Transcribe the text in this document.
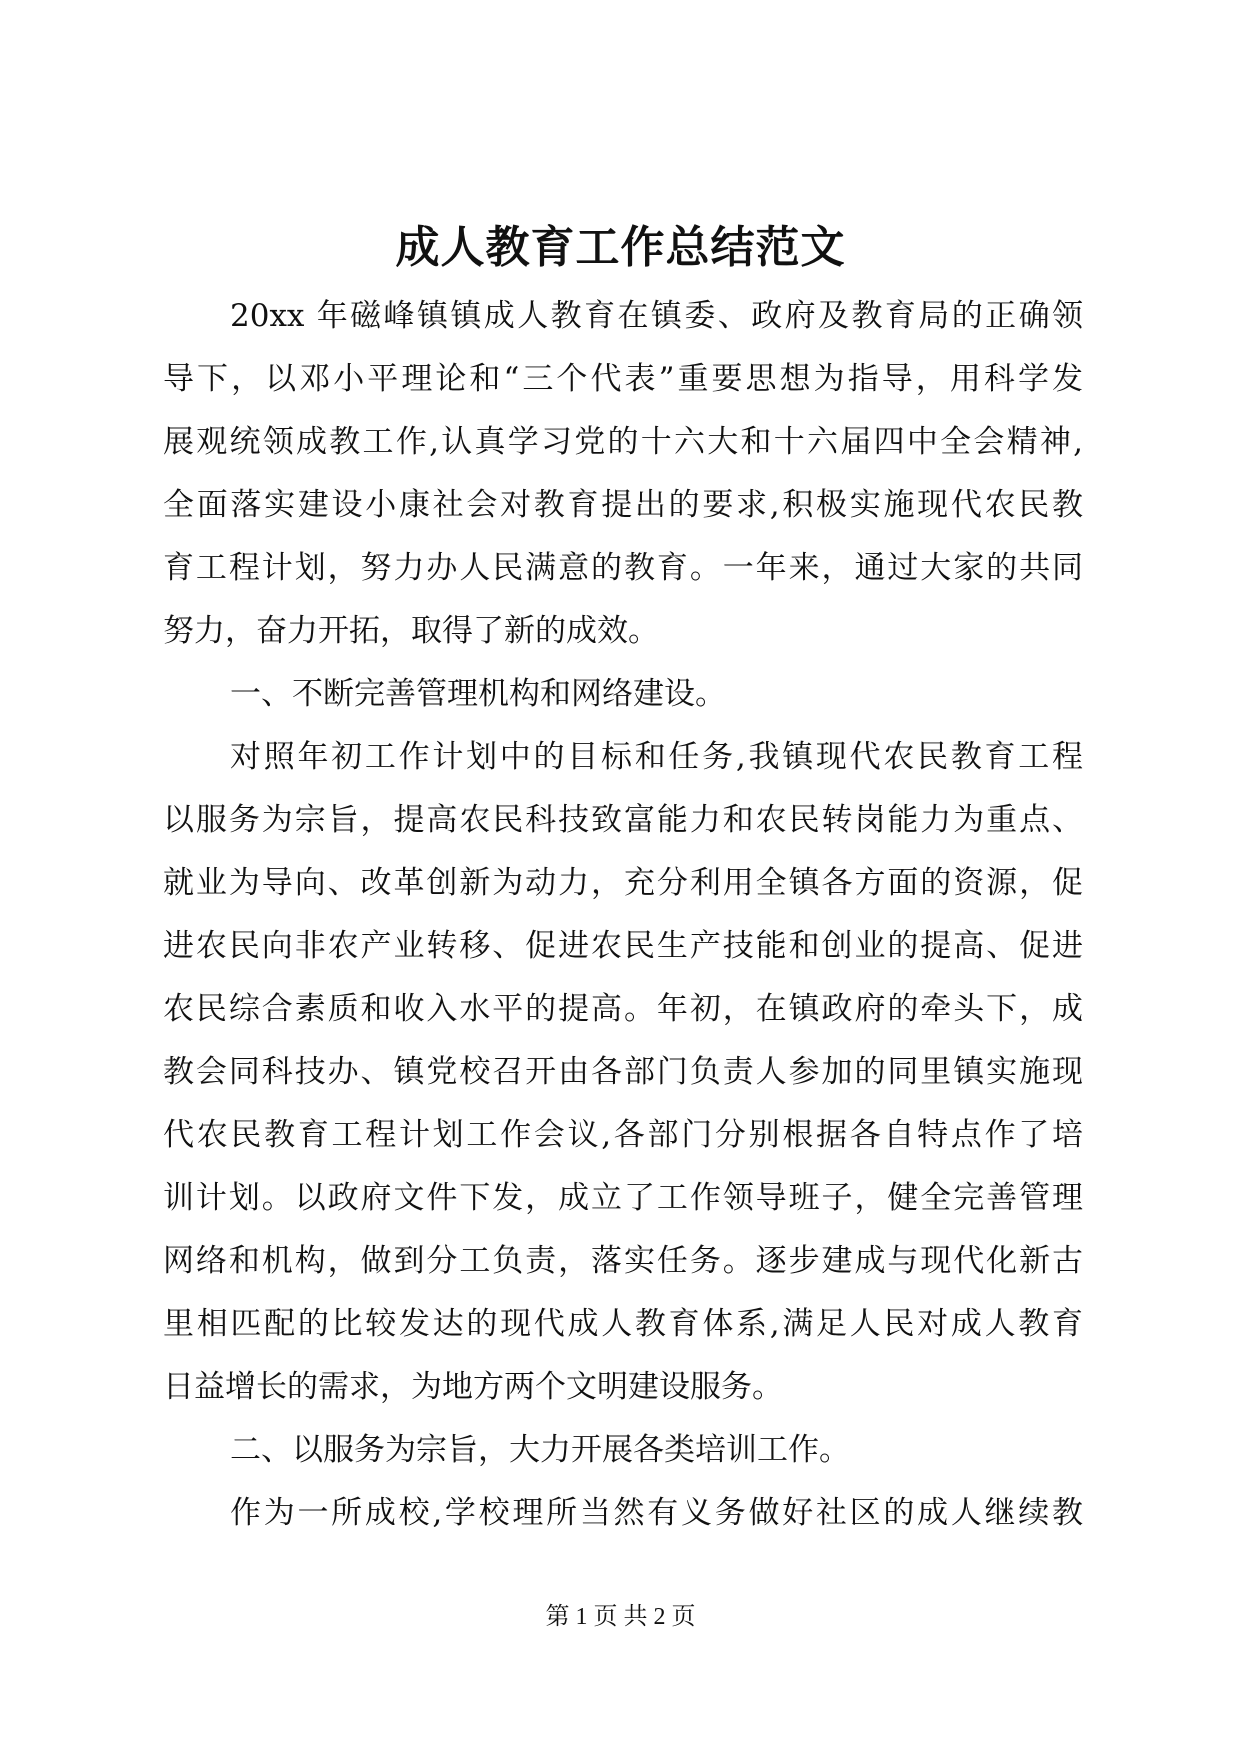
成人教育工作总结范文
20xx 年磁峰镇镇成人教育在镇委、政府及教育局的正确领
导下，以邓小平理论和“三个代表”重要思想为指导，用科学发
展观统领成教工作,认真学习党的十六大和十六届四中全会精神,
全面落实建设小康社会对教育提出的要求,积极实施现代农民教
育工程计划，努力办人民满意的教育。一年来，通过大家的共同
努力，奋力开拓，取得了新的成效。
一、不断完善管理机构和网络建设。
对照年初工作计划中的目标和任务,我镇现代农民教育工程
以服务为宗旨，提高农民科技致富能力和农民转岗能力为重点、
就业为导向、改革创新为动力，充分利用全镇各方面的资源，促
进农民向非农产业转移、促进农民生产技能和创业的提高、促进
农民综合素质和收入水平的提高。年初，在镇政府的牵头下，成
教会同科技办、镇党校召开由各部门负责人参加的同里镇实施现
代农民教育工程计划工作会议,各部门分别根据各自特点作了培
训计划。以政府文件下发，成立了工作领导班子，健全完善管理
网络和机构，做到分工负责，落实任务。逐步建成与现代化新古
里相匹配的比较发达的现代成人教育体系,满足人民对成人教育
日益增长的需求，为地方两个文明建设服务。
二、以服务为宗旨，大力开展各类培训工作。
作为一所成校,学校理所当然有义务做好社区的成人继续教
第 1 页 共 2 页
